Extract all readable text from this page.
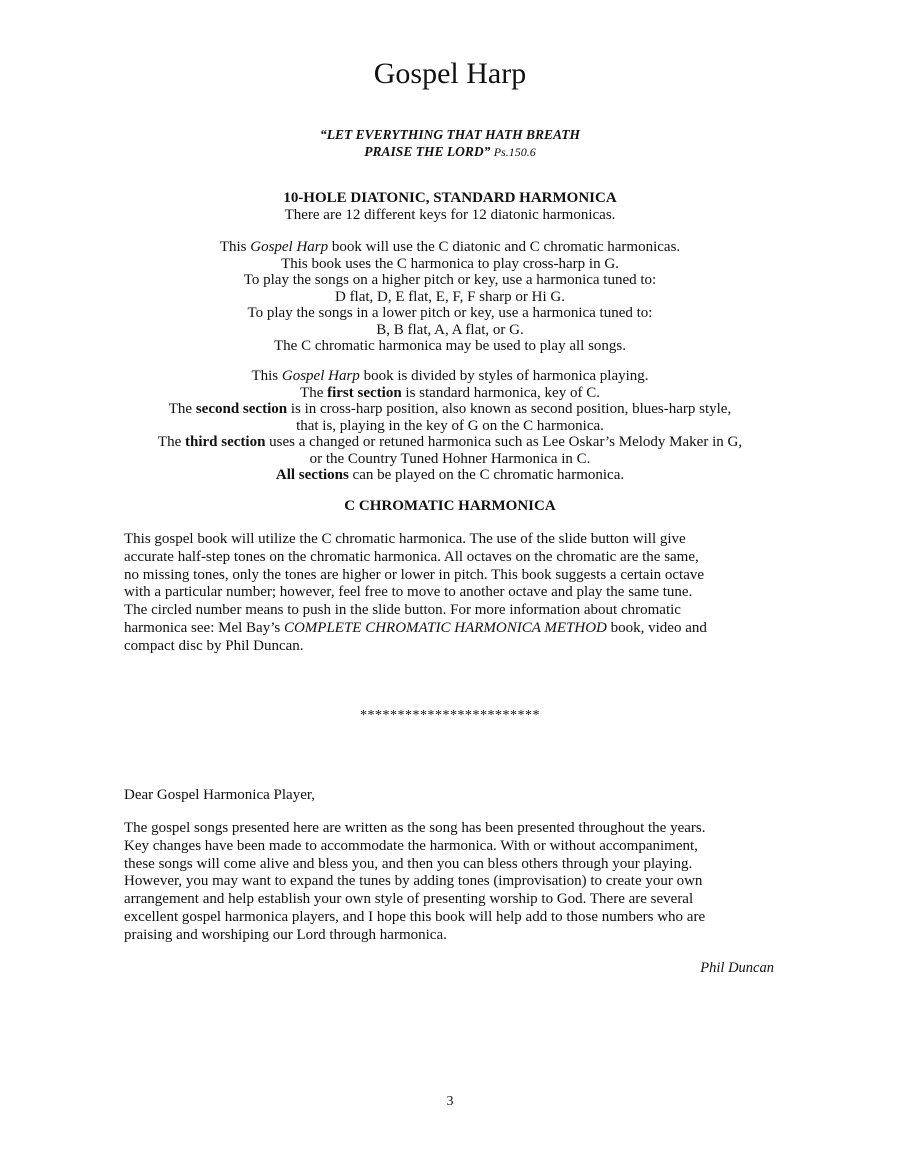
Gospel Harp
“LET EVERYTHING THAT HATH BREATH
PRAISE THE LORD” Ps.150.6
10-HOLE DIATONIC, STANDARD HARMONICA
There are 12 different keys for 12 diatonic harmonicas.
This Gospel Harp book will use the C diatonic and C chromatic harmonicas.
This book uses the C harmonica to play cross-harp in G.
To play the songs on a higher pitch or key, use a harmonica tuned to:
D flat, D, E flat, E, F, F sharp or Hi G.
To play the songs in a lower pitch or key, use a harmonica tuned to:
B, B flat, A, A flat, or G.
The C chromatic harmonica may be used to play all songs.
This Gospel Harp book is divided by styles of harmonica playing.
The first section is standard harmonica, key of C.
The second section is in cross-harp position, also known as second position, blues-harp style,
that is, playing in the key of G on the C harmonica.
The third section uses a changed or retuned harmonica such as Lee Oskar’s Melody Maker in G,
or the Country Tuned Hohner Harmonica in C.
All sections can be played on the C chromatic harmonica.
C CHROMATIC HARMONICA
This gospel book will utilize the C chromatic harmonica. The use of the slide button will give
accurate half-step tones on the chromatic harmonica. All octaves on the chromatic are the same,
no missing tones, only the tones are higher or lower in pitch. This book suggests a certain octave
with a particular number; however, feel free to move to another octave and play the same tune.
The circled number means to push in the slide button. For more information about chromatic
harmonica see: Mel Bay’s COMPLETE CHROMATIC HARMONICA METHOD book, video and
compact disc by Phil Duncan.
************************
Dear Gospel Harmonica Player,
The gospel songs presented here are written as the song has been presented throughout the years.
Key changes have been made to accommodate the harmonica. With or without accompaniment,
these songs will come alive and bless you, and then you can bless others through your playing.
However, you may want to expand the tunes by adding tones (improvisation) to create your own
arrangement and help establish your own style of presenting worship to God. There are several
excellent gospel harmonica players, and I hope this book will help add to those numbers who are
praising and worshiping our Lord through harmonica.
Phil Duncan
3
